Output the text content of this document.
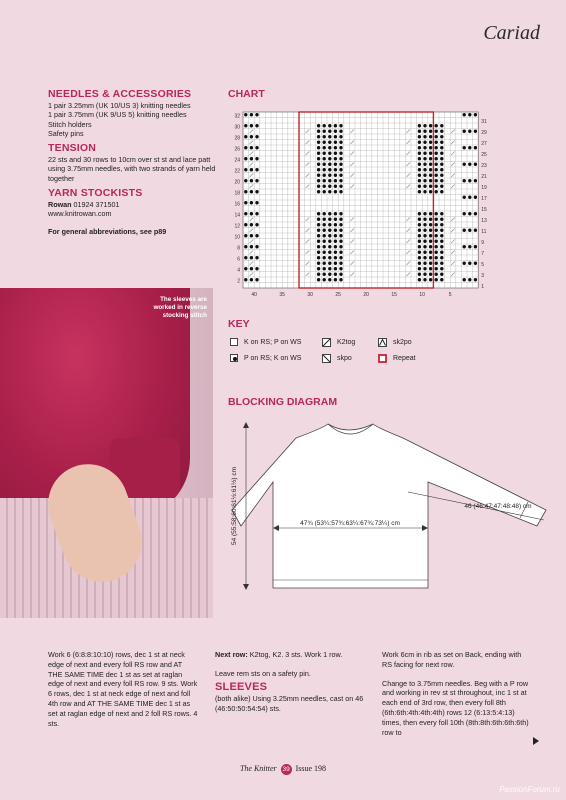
Cariad
NEEDLES & ACCESSORIES
1 pair 3.25mm (UK 10/US 3) knitting needles
1 pair 3.75mm (UK 9/US 5) knitting needles
Stitch holders
Safety pins
TENSION
22 sts and 30 rows to 10cm over st st and lace patt using 3.75mm needles, with two strands of yarn held together
YARN STOCKISTS
Rowan 01924 371501
www.knitrowan.com
For general abbreviations, see p89
The sleeves are worked in reverse stocking stitch
CHART
32
30
28
26
24
22
20
18
16
14
12
10
8
6
4
2
31
29
27
25
23
21
19
17
15
13
11
9
7
5
3
1
40	35	30	25	20	15	10	5
KEY
K on RS; P on WS
P on RS; K on WS
K2tog
skpo
sk2po
Repeat
BLOCKING DIAGRAM
54 (55:58:60:61½:61½) cm	47¾ (53¼:57¾:63¼:67¾:73¼) cm
46 (46:47:47:48:48) cm
Work 6 (6:8:8:10:10) rows, dec 1 st at neck edge of next and every foll RS row and AT THE SAME TIME dec 1 st as set at raglan edge of next and every foll RS row. 9 sts. Work 6 rows, dec 1 st at neck edge of next and foll 4th row and AT THE SAME TIME dec 1 st as set at raglan edge of next and 2 foll RS rows. 4 sts.
Next row: K2tog, K2. 3 sts. Work 1 row.
Leave rem sts on a safety pin.
SLEEVES
(both alike) Using 3.25mm needles, cast on 46 (46:50:50:54:54) sts.
Work 6cm in rib as set on Back, ending with RS facing for next row.
Change to 3.75mm needles. Beg with a P row and working in rev st st throughout, inc 1 st at each end of 3rd row, then every foll 8th (6th:6th:4th:4th:4th) rows 12 (6:13:5:4:13) times, then every foll 10th (8th:8th:6th:6th:6th) row to
The Knitter 39 Issue 198
PassionForum.ru
